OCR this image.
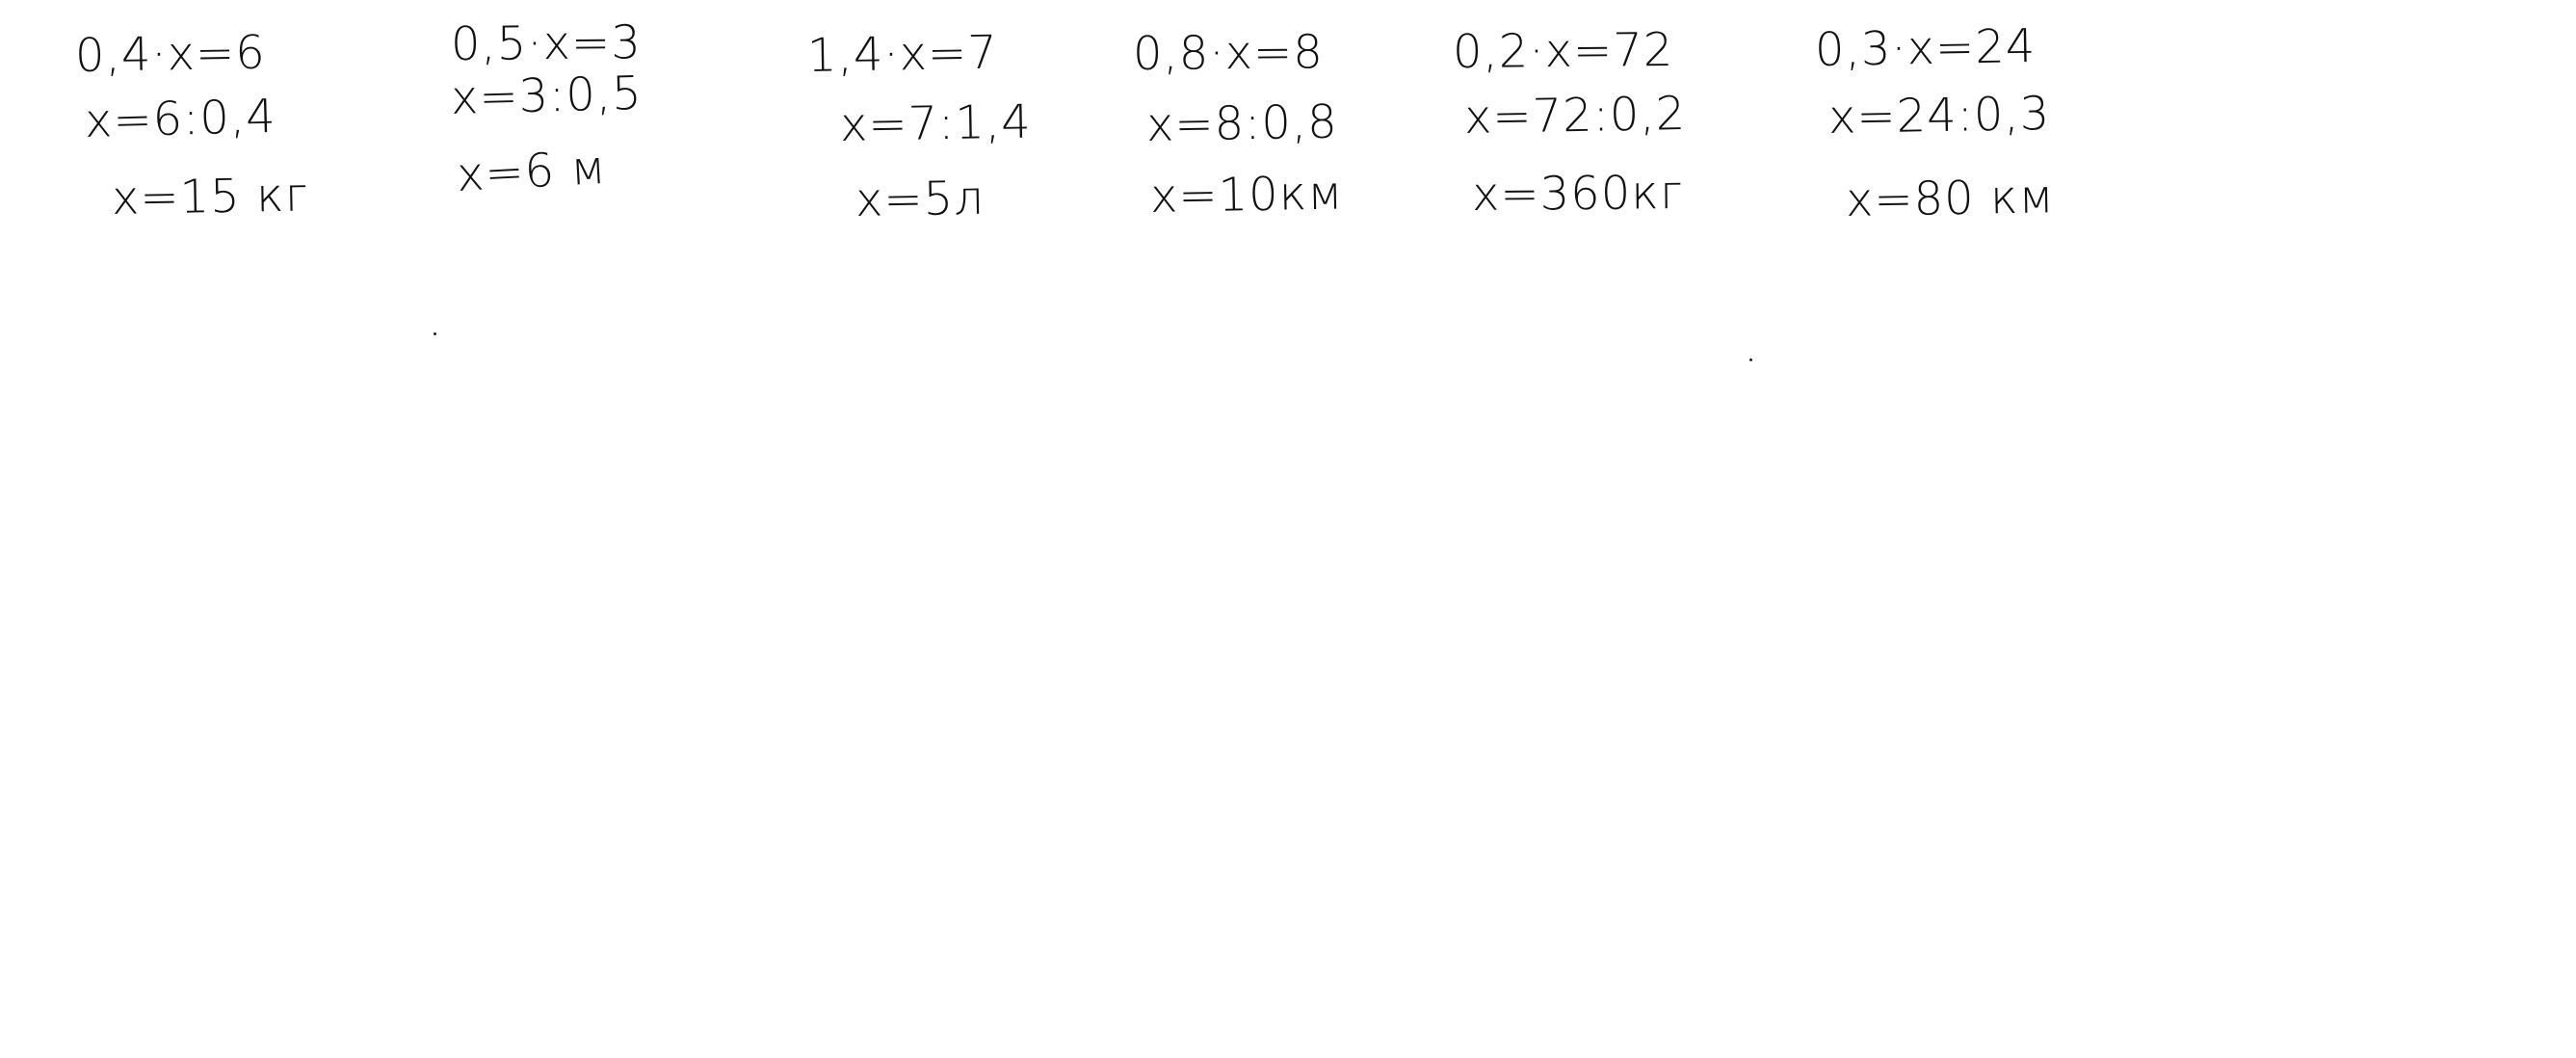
0,4·x=6
x=6:0,4
x=15 кг
0,5·x=3
x=3:0,5
x=6 м
1,4·x=7
x=7:1,4
x=5л
0,8·x=8
x=8:0,8
x=10км
0,2·x=72
x=72:0,2
x=360кг
0,3·x=24
x=24:0,3
x=80 км
